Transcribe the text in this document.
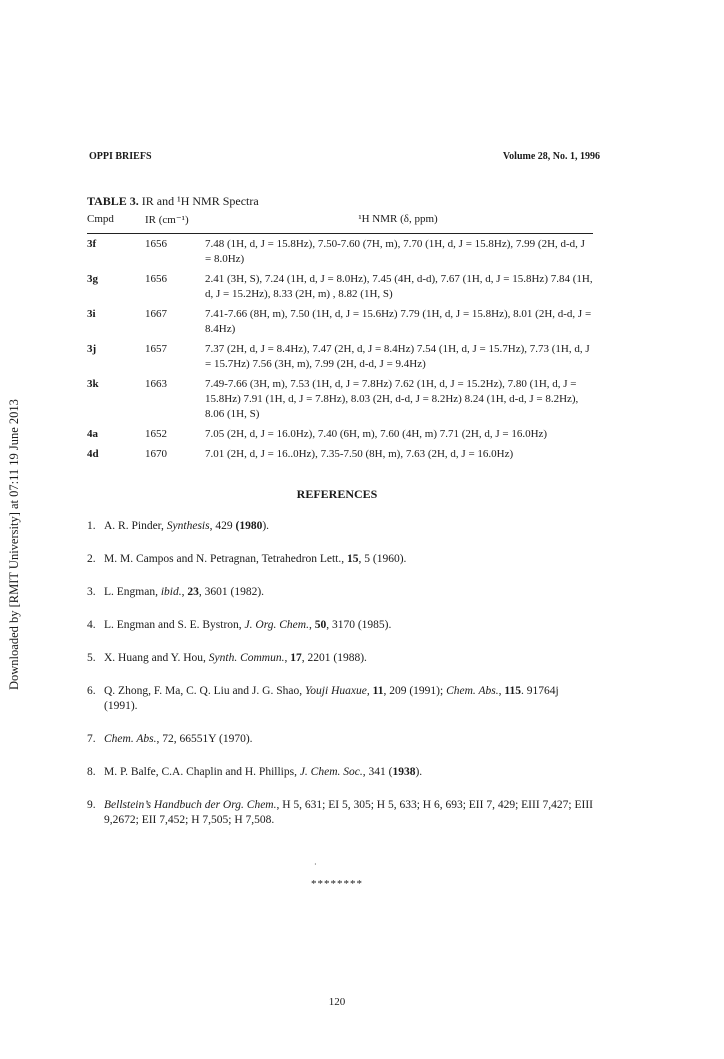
Downloaded by [RMIT University] at 07:11 19 June 2013
OPPI BRIEFS	Volume 28, No. 1, 1996
TABLE 3. IR and ¹H NMR Spectra
Cmpd	IR (cm⁻¹)	¹H NMR (δ, ppm)
3f	1656	7.48 (1H, d, J = 15.8Hz), 7.50-7.60 (7H, m), 7.70 (1H, d, J = 15.8Hz), 7.99 (2H, d-d, J = 8.0Hz)
3g	1656	2.41 (3H, S), 7.24 (1H, d, J = 8.0Hz), 7.45 (4H, d-d), 7.67 (1H, d, J = 15.8Hz) 7.84 (1H, d, J = 15.2Hz), 8.33 (2H, m) , 8.82 (1H, S)
3i	1667	7.41-7.66 (8H, m), 7.50 (1H, d, J = 15.6Hz) 7.79 (1H, d, J = 15.8Hz), 8.01 (2H, d-d, J = 8.4Hz)
3j	1657	7.37 (2H, d, J = 8.4Hz), 7.47 (2H, d, J = 8.4Hz) 7.54 (1H, d, J = 15.7Hz), 7.73 (1H, d, J = 15.7Hz) 7.56 (3H, m), 7.99 (2H, d-d, J = 9.4Hz)
3k	1663	7.49-7.66 (3H, m), 7.53 (1H, d, J = 7.8Hz) 7.62 (1H, d, J = 15.2Hz), 7.80 (1H, d, J = 15.8Hz) 7.91 (1H, d, J = 7.8Hz), 8.03 (2H, d-d, J = 8.2Hz) 8.24 (1H, d-d, J = 8.2Hz), 8.06 (1H, S)
4a	1652	7.05 (2H, d, J = 16.0Hz), 7.40 (6H, m), 7.60 (4H, m) 7.71 (2H, d, J = 16.0Hz)
4d	1670	7.01 (2H, d, J = 16..0Hz), 7.35-7.50 (8H, m), 7.63 (2H, d, J = 16.0Hz)
REFERENCES
1. A. R. Pinder, Synthesis, 429 (1980).
2. M. M. Campos and N. Petragnan, Tetrahedron Lett., 15, 5 (1960).
3. L. Engman, ibid., 23, 3601 (1982).
4. L. Engman and S. E. Bystron, J. Org. Chem., 50, 3170 (1985).
5. X. Huang and Y. Hou, Synth. Commun., 17, 2201 (1988).
6. Q. Zhong, F. Ma, C. Q. Liu and J. G. Shao, Youji Huaxue, 11, 209 (1991); Chem. Abs., 115. 91764j (1991).
7. Chem. Abs., 72, 66551Y (1970).
8. M. P. Balfe, C.A. Chaplin and H. Phillips, J. Chem. Soc., 341 (1938).
9. Bellstein’s Handbuch der Org. Chem., H 5, 631; EI 5, 305; H 5, 633; H 6, 693; EII 7, 429; EIII 7,427; EIII 9,2672; EII 7,452; H 7,505; H 7,508.
·
********
120
